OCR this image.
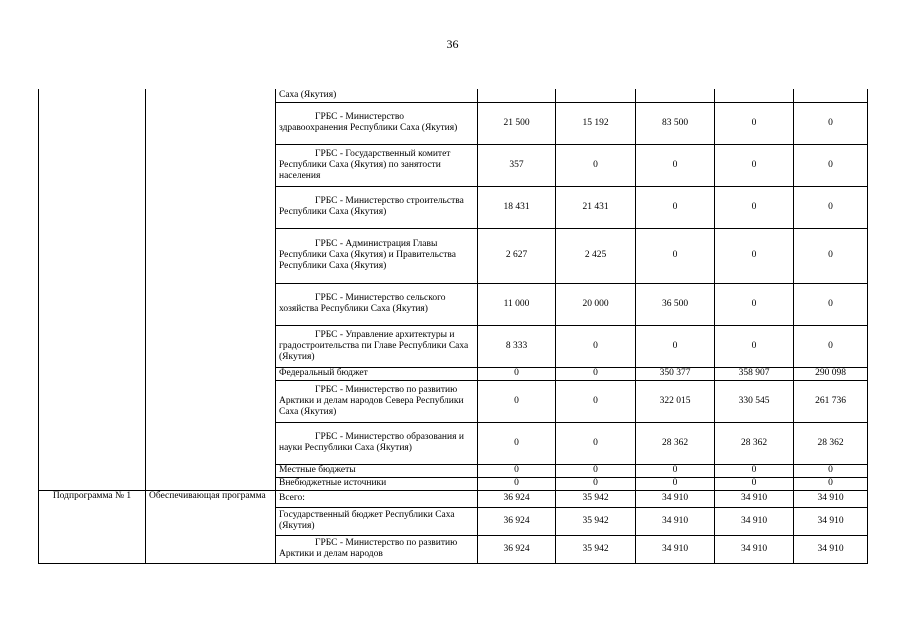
36
		Саха (Якутия)					
		ГРБС - Министерство здравоохранения Республики Саха (Якутия)	21 500	15 192	83 500	0	0
		ГРБС - Государственный комитет Республики Саха (Якутия) по занятости населения	357	0	0	0	0
		ГРБС - Министерство строительства Республики Саха (Якутия)	18 431	21 431	0	0	0
		ГРБС - Администрация Главы Республики Саха (Якутия) и Правительства Республики Саха (Якутия)	2 627	2 425	0	0	0
		ГРБС - Министерство сельского хозяйства Республики Саха (Якутия)	11 000	20 000	36 500	0	0
		ГРБС - Управление архитектуры и градостроительства пи Главе Республики Саха (Якутия)	8 333	0	0	0	0
		Федеральный бюджет	0	0	350 377	358 907	290 098
		ГРБС - Министерство по развитию Арктики и делам народов Севера Республики Саха (Якутия)	0	0	322 015	330 545	261 736
		ГРБС - Министерство образования и науки Республики Саха (Якутия)	0	0	28 362	28 362	28 362
		Местные бюджеты	0	0	0	0	0
		Внебюджетные источники	0	0	0	0	0
Подпрограмма № 1	Обеспечивающая программа	Всего:	36 924	35 942	34 910	34 910	34 910
		Государственный бюджет Республики Саха (Якутия)	36 924	35 942	34 910	34 910	34 910
		ГРБС - Министерство по развитию Арктики и делам народов	36 924	35 942	34 910	34 910	34 910
